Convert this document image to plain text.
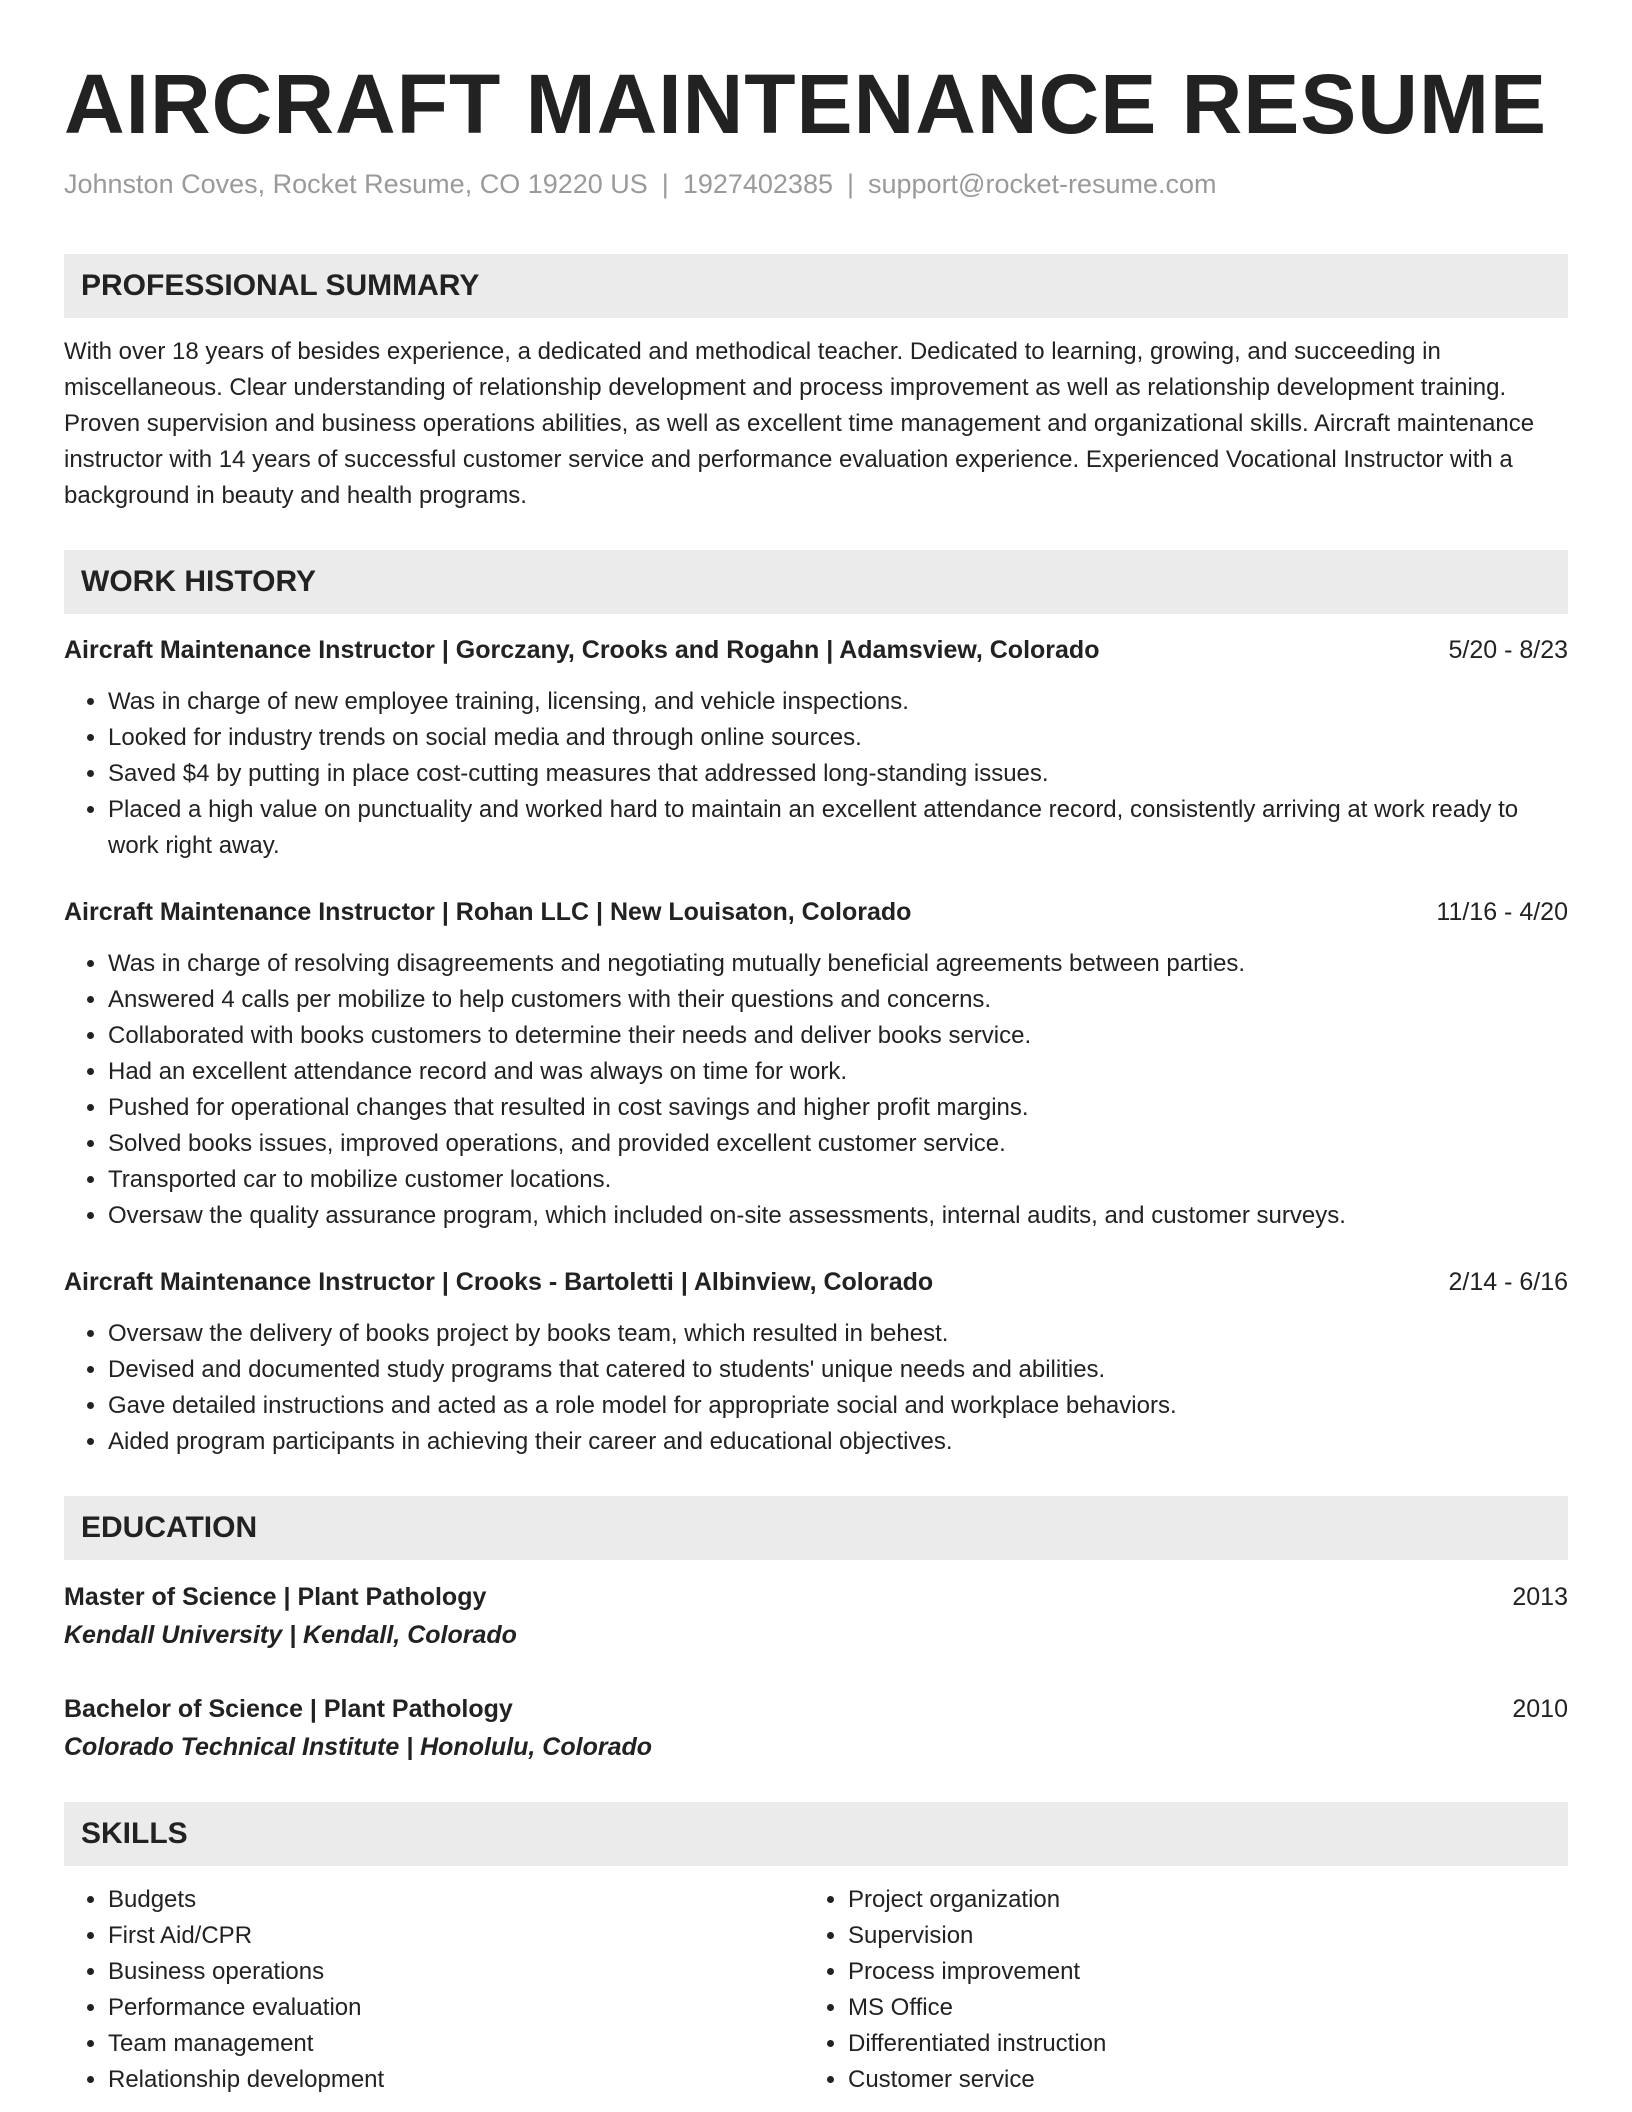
AIRCRAFT MAINTENANCE RESUME
Johnston Coves, Rocket Resume, CO 19220 US | 1927402385 | support@rocket-resume.com
PROFESSIONAL SUMMARY

With over 18 years of besides experience, a dedicated and methodical teacher. Dedicated to learning, growing, and succeeding in miscellaneous. Clear understanding of relationship development and process improvement as well as relationship development training. Proven supervision and business operations abilities, as well as excellent time management and organizational skills. Aircraft maintenance instructor with 14 years of successful customer service and performance evaluation experience. Experienced Vocational Instructor with a background in beauty and health programs.

WORK HISTORY
Aircraft Maintenance Instructor | Gorczany, Crooks and Rogahn | Adamsview, Colorado	5/20 - 8/23
• Was in charge of new employee training, licensing, and vehicle inspections.
• Looked for industry trends on social media and through online sources.
• Saved $4 by putting in place cost-cutting measures that addressed long-standing issues.
• Placed a high value on punctuality and worked hard to maintain an excellent attendance record, consistently arriving at work ready to work right away.
Aircraft Maintenance Instructor | Rohan LLC | New Louisaton, Colorado	11/16 - 4/20
• Was in charge of resolving disagreements and negotiating mutually beneficial agreements between parties.
• Answered 4 calls per mobilize to help customers with their questions and concerns.
• Collaborated with books customers to determine their needs and deliver books service.
• Had an excellent attendance record and was always on time for work.
• Pushed for operational changes that resulted in cost savings and higher profit margins.
• Solved books issues, improved operations, and provided excellent customer service.
• Transported car to mobilize customer locations.
• Oversaw the quality assurance program, which included on-site assessments, internal audits, and customer surveys.
Aircraft Maintenance Instructor | Crooks - Bartoletti | Albinview, Colorado	2/14 - 6/16
• Oversaw the delivery of books project by books team, which resulted in behest.
• Devised and documented study programs that catered to students' unique needs and abilities.
• Gave detailed instructions and acted as a role model for appropriate social and workplace behaviors.
• Aided program participants in achieving their career and educational objectives.
EDUCATION
Master of Science | Plant Pathology	2013
Kendall University | Kendall, Colorado
Bachelor of Science | Plant Pathology	2010
Colorado Technical Institute | Honolulu, Colorado
SKILLS
• Budgets
• First Aid/CPR
• Business operations
• Performance evaluation
• Team management
• Relationship development
• Project organization
• Supervision
• Process improvement
• MS Office
• Differentiated instruction
• Customer service
